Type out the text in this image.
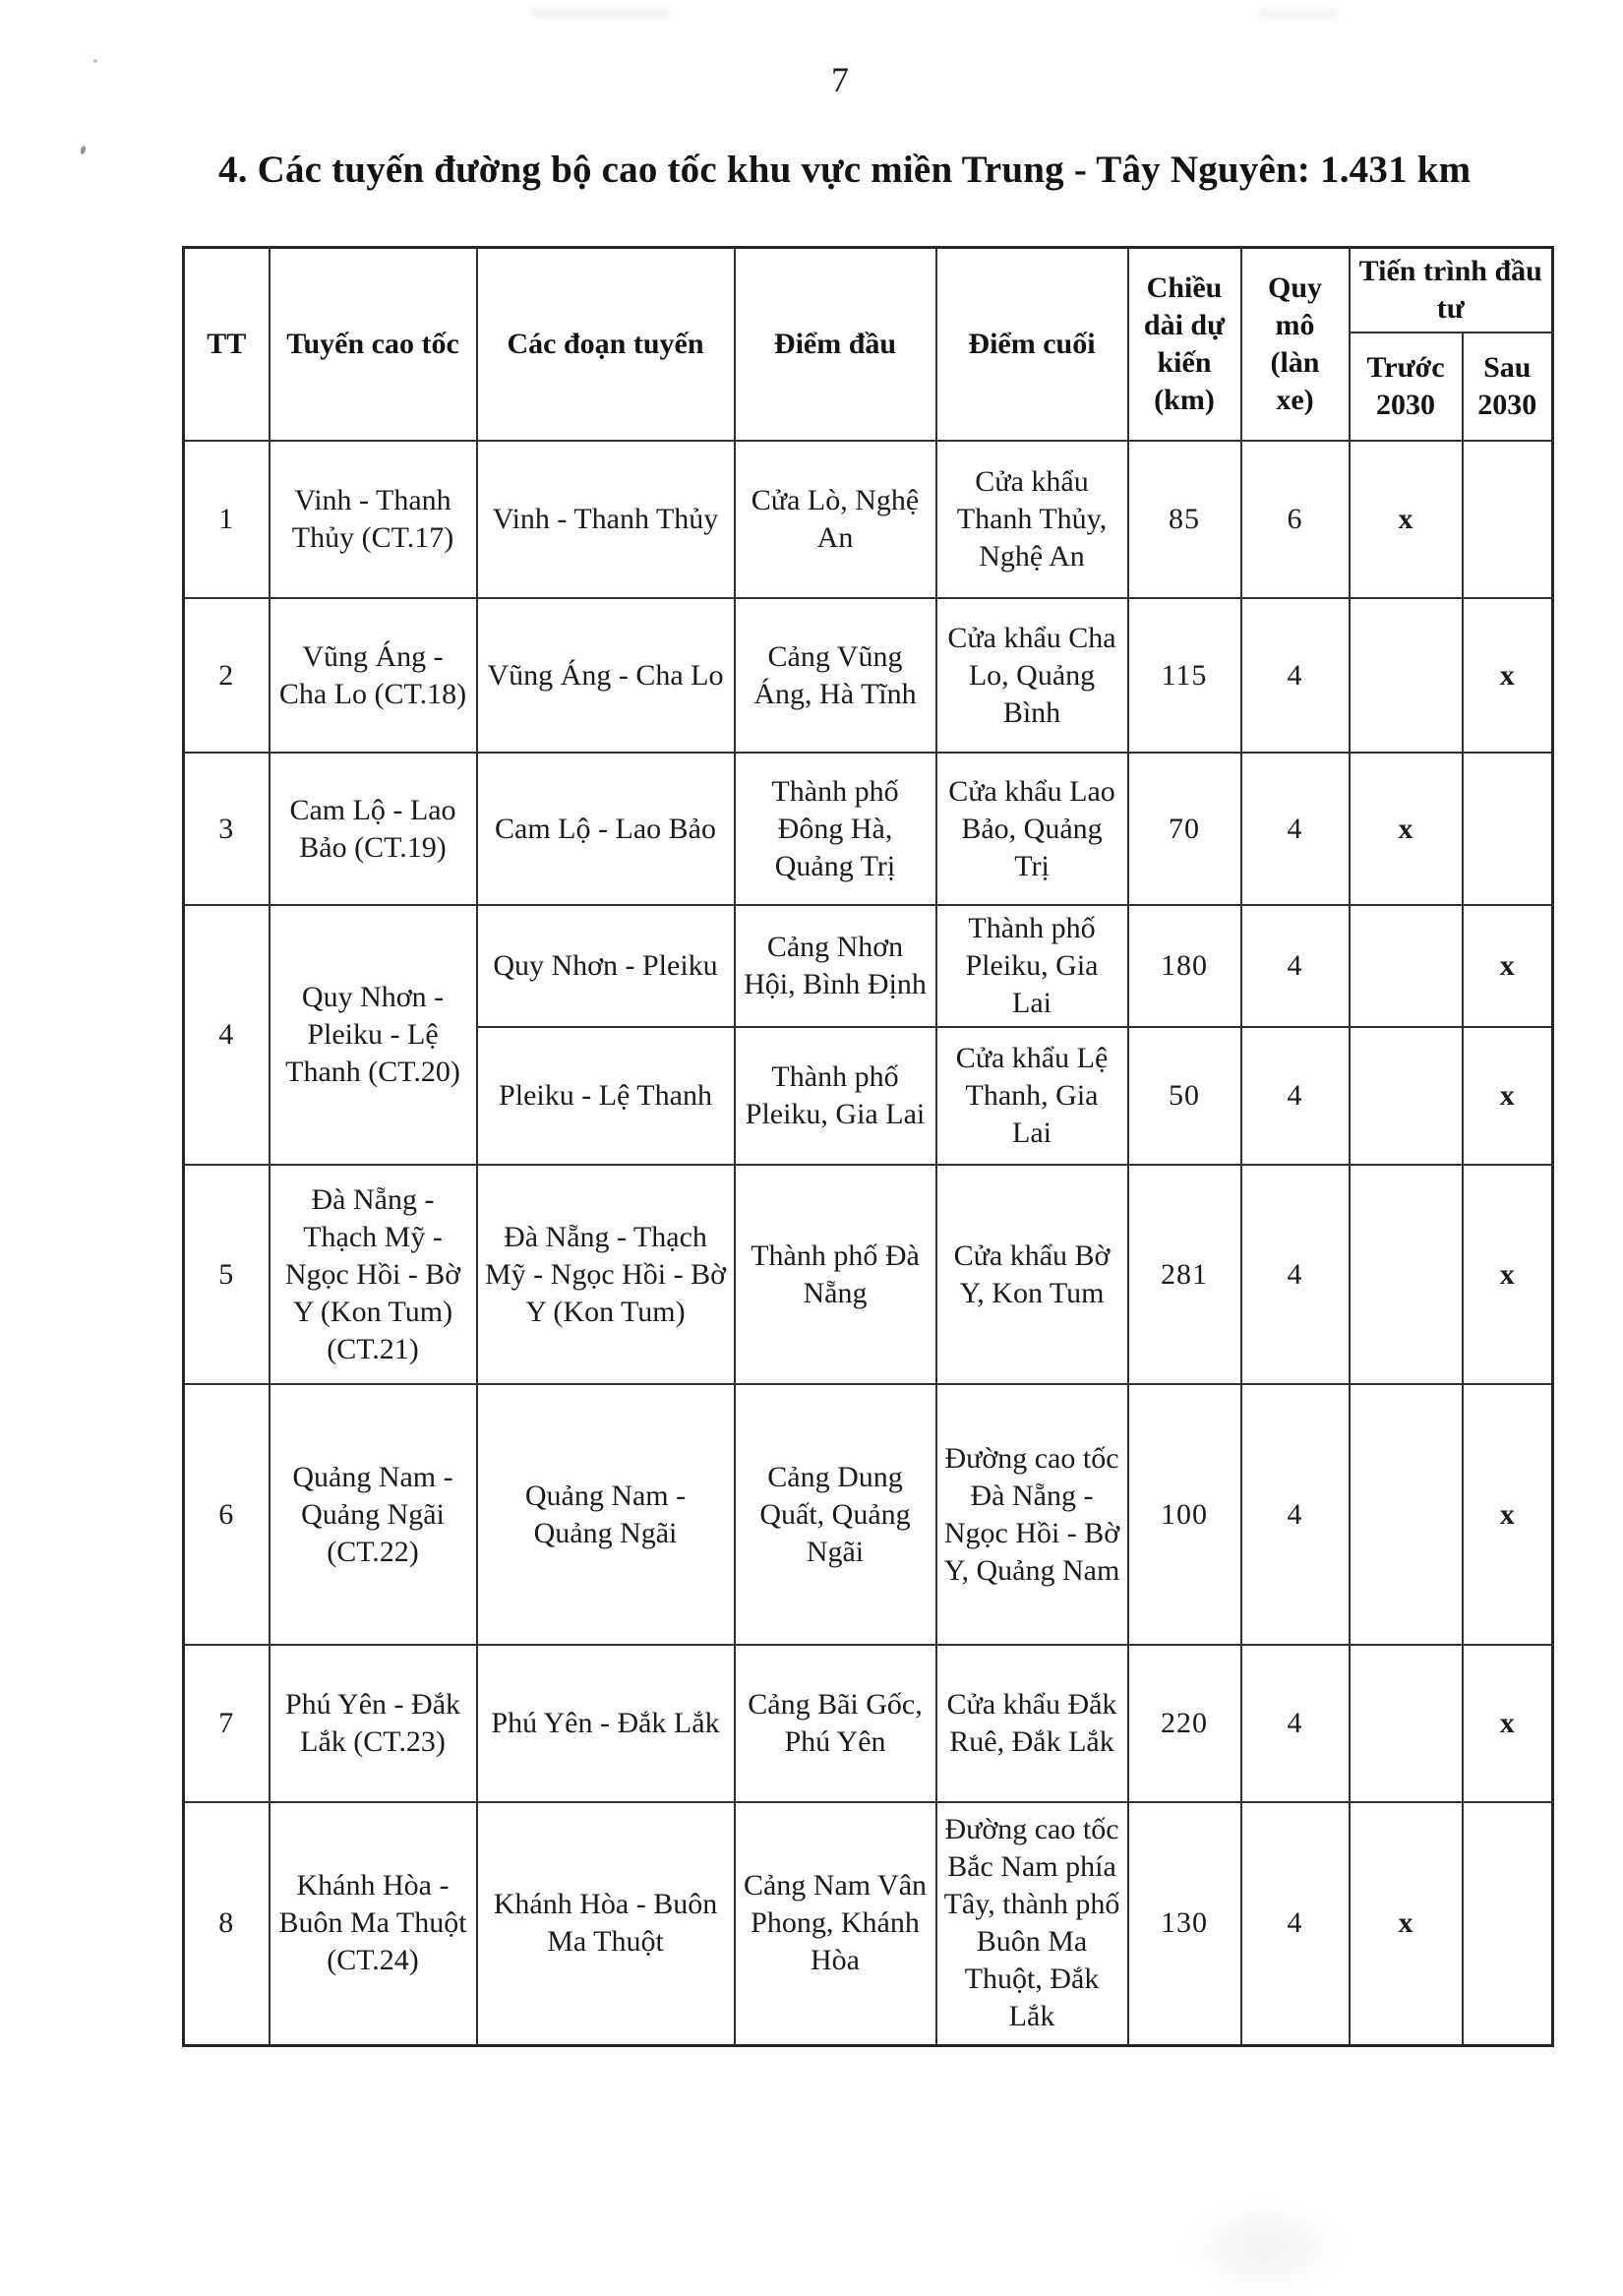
7
4. Các tuyến đường bộ cao tốc khu vực miền Trung - Tây Nguyên: 1.431 km
TT	Tuyến cao tốc	Các đoạn tuyến	Điểm đầu	Điểm cuối	Chiều dài dự kiến (km)	Quy mô (làn xe)	Tiến trình đầu tư	
							Trước 2030	Sau 2030
1	Vinh - Thanh Thủy (CT.17)	Vinh - Thanh Thủy	Cửa Lò, Nghệ An	Cửa khẩu Thanh Thủy, Nghệ An	85	6	x	
2	Vũng Áng - Cha Lo (CT.18)	Vũng Áng - Cha Lo	Cảng Vũng Áng, Hà Tĩnh	Cửa khẩu Cha Lo, Quảng Bình	115	4		x
3	Cam Lộ - Lao Bảo (CT.19)	Cam Lộ - Lao Bảo	Thành phố Đông Hà, Quảng Trị	Cửa khẩu Lao Bảo, Quảng Trị	70	4	x	
4	Quy Nhơn - Pleiku - Lệ Thanh (CT.20)	Quy Nhơn - Pleiku	Cảng Nhơn Hội, Bình Định	Thành phố Pleiku, Gia Lai	180	4		x
		Pleiku - Lệ Thanh	Thành phố Pleiku, Gia Lai	Cửa khẩu Lệ Thanh, Gia Lai	50	4		x
5	Đà Nẵng - Thạch Mỹ - Ngọc Hồi - Bờ Y (Kon Tum) (CT.21)	Đà Nẵng - Thạch Mỹ - Ngọc Hồi - Bờ Y (Kon Tum)	Thành phố Đà Nẵng	Cửa khẩu Bờ Y, Kon Tum	281	4		x
6	Quảng Nam - Quảng Ngãi (CT.22)	Quảng Nam - Quảng Ngãi	Cảng Dung Quất, Quảng Ngãi	Đường cao tốc Đà Nẵng - Ngọc Hồi - Bờ Y, Quảng Nam	100	4		x
7	Phú Yên - Đắk Lắk (CT.23)	Phú Yên - Đắk Lắk	Cảng Bãi Gốc, Phú Yên	Cửa khẩu Đắk Ruê, Đắk Lắk	220	4		x
8	Khánh Hòa - Buôn Ma Thuột (CT.24)	Khánh Hòa - Buôn Ma Thuột	Cảng Nam Vân Phong, Khánh Hòa	Đường cao tốc Bắc Nam phía Tây, thành phố Buôn Ma Thuột, Đắk Lắk	130	4	x	
